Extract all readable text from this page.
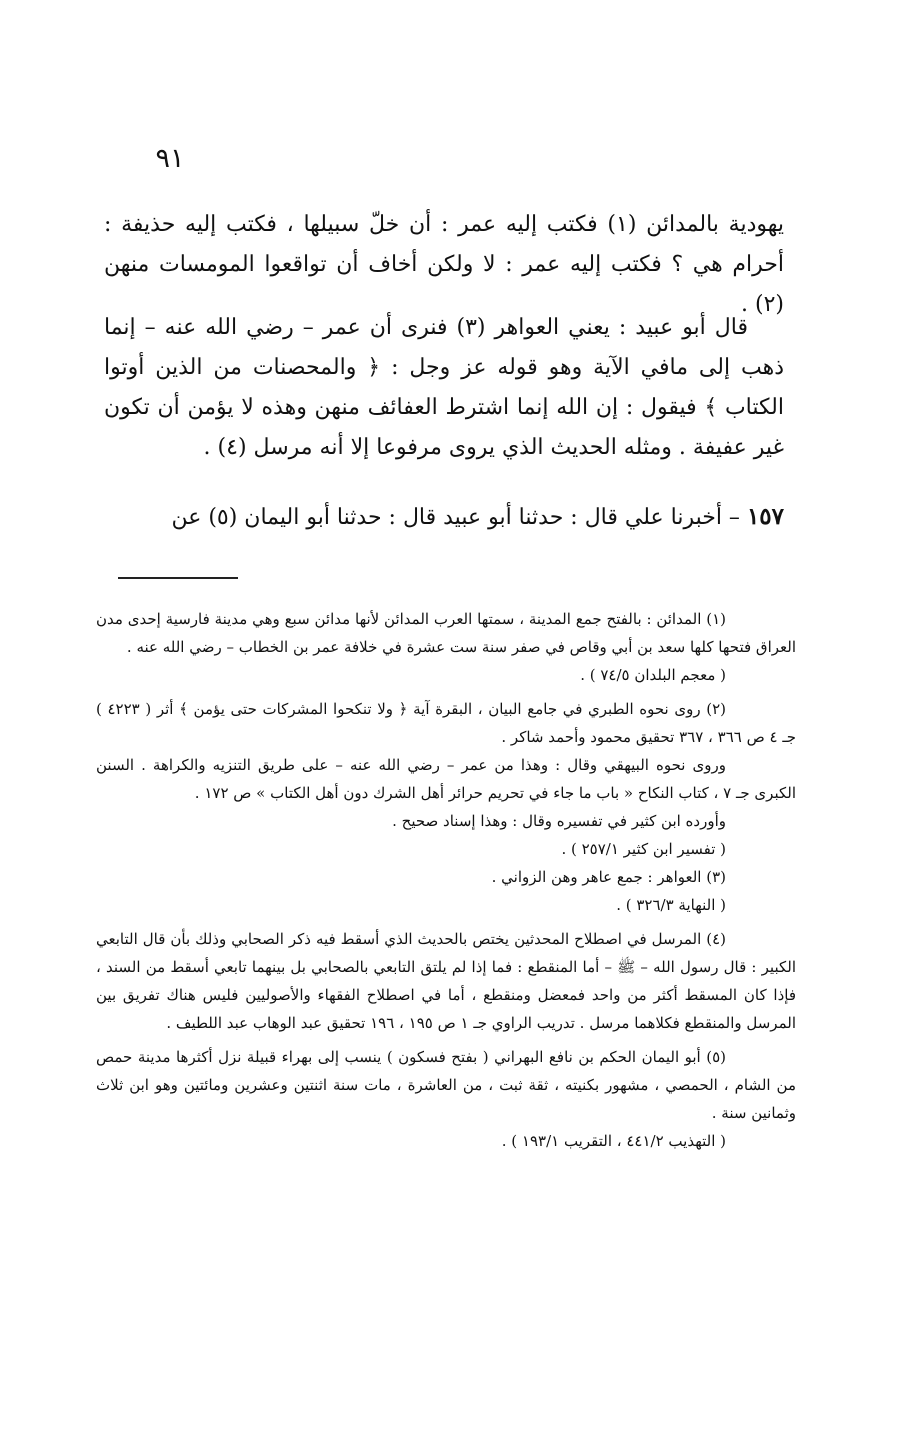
٩١

يهودية بالمدائن (١) فكتب إليه عمر : أن خلّ سبيلها ، فكتب إليه حذيفة : أحرام هي ؟ فكتب إليه عمر : لا ولكن أخاف أن تواقعوا المومسات منهن (٢) .

قال أبو عبيد : يعني العواهر (٣) فنرى أن عمر – رضي الله عنه – إنما ذهب إلى مافي الآية وهو قوله عز وجل : ﴿ والمحصنات من الذين أوتوا الكتاب ﴾ فيقول : إن الله إنما اشترط العفائف منهن وهذه لا يؤمن أن تكون غير عفيفة . ومثله الحديث الذي يروى مرفوعا إلا أنه مرسل (٤) .

١٥٧ – أخبرنا علي قال : حدثنا أبو عبيد قال : حدثنا أبو اليمان (٥) عن

(١) المدائن : بالفتح جمع المدينة ، سمتها العرب المدائن لأنها مدائن سبع وهي مدينة فارسية إحدى مدن العراق فتحها كلها سعد بن أبي وقاص في صفر سنة ست عشرة في خلافة عمر بن الخطاب – رضي الله عنه .

( معجم البلدان ٧٤/٥ ) .

(٢) روى نحوه الطبري في جامع البيان ، البقرة آية ﴿ ولا تنكحوا المشركات حتى يؤمن ﴾ أثر ( ٤٢٢٣ ) جـ ٤ ص ٣٦٦ ، ٣٦٧ تحقيق محمود وأحمد شاكر .

وروى نحوه البيهقي وقال : وهذا من عمر – رضي الله عنه – على طريق التنزيه والكراهة . السنن الكبرى جـ ٧ ، كتاب النكاح « باب ما جاء في تحريم حرائر أهل الشرك دون أهل الكتاب » ص ١٧٢ .

وأورده ابن كثير في تفسيره وقال : وهذا إسناد صحيح .

( تفسير ابن كثير ٢٥٧/١ ) .

(٣) العواهر : جمع عاهر وهن الزواني .

( النهاية ٣٢٦/٣ ) .

(٤) المرسل في اصطلاح المحدثين يختص بالحديث الذي أسقط فيه ذكر الصحابي وذلك بأن قال التابعي الكبير : قال رسول الله – ﷺ – أما المنقطع : فما إذا لم يلتق التابعي بالصحابي بل بينهما تابعي أسقط من السند ، فإذا كان المسقط أكثر من واحد فمعضل ومنقطع ، أما في اصطلاح الفقهاء والأصوليين فليس هناك تفريق بين المرسل والمنقطع فكلاهما مرسل . تدريب الراوي جـ ١ ص ١٩٥ ، ١٩٦ تحقيق عبد الوهاب عبد اللطيف .

(٥) أبو اليمان الحكم بن نافع البهراني ( بفتح فسكون ) ينسب إلى بهراء قبيلة نزل أكثرها مدينة حمص من الشام ، الحمصي ، مشهور بكنيته ، ثقة ثبت ، من العاشرة ، مات سنة اثنتين وعشرين ومائتين وهو ابن ثلاث وثمانين سنة .

( التهذيب ٤٤١/٢ ، التقريب ١٩٣/١ ) .
